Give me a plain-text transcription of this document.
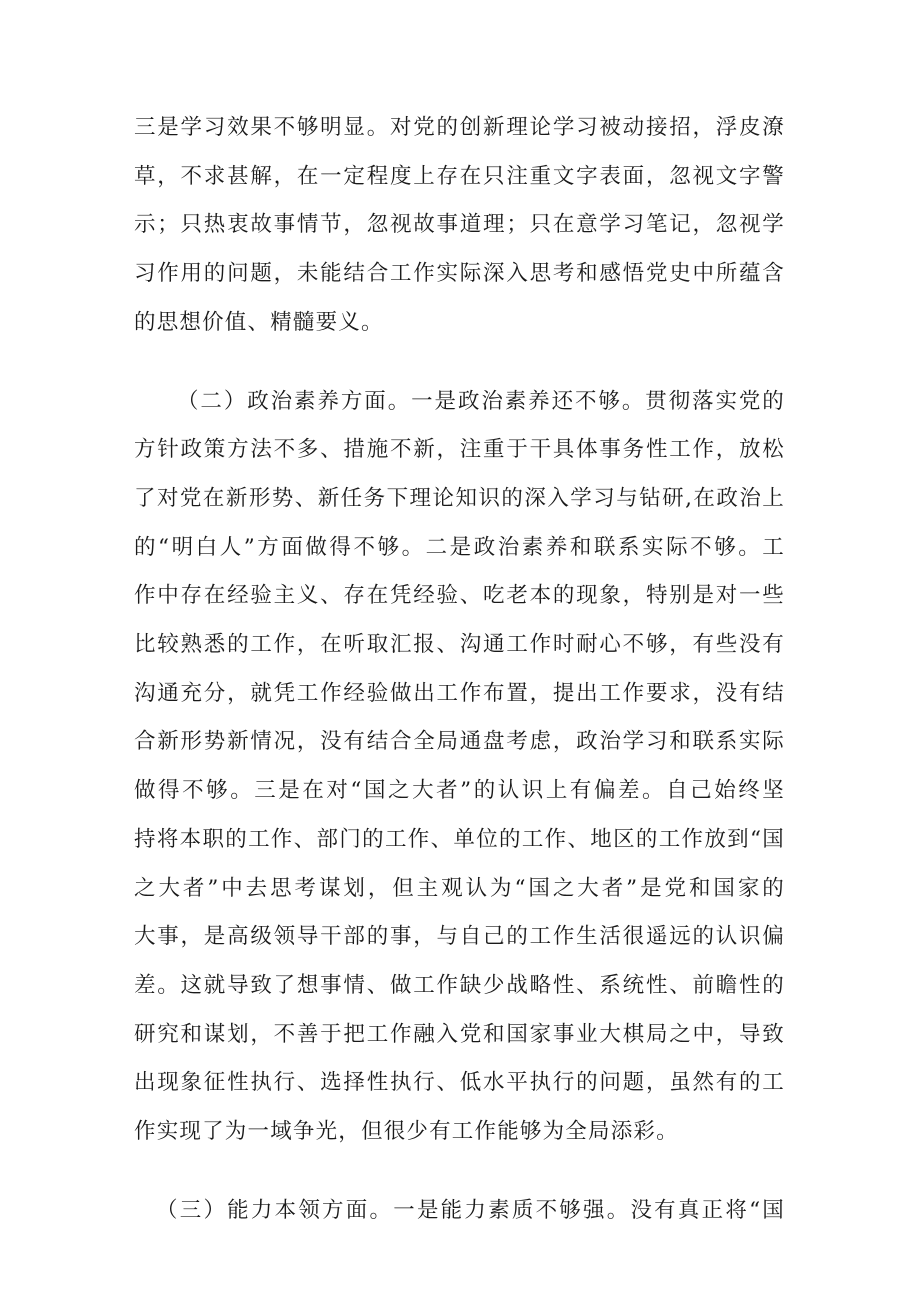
三是学习效果不够明显。对党的创新理论学习被动接招，浮皮潦
草，不求甚解，在一定程度上存在只注重文字表面，忽视文字警
示；只热衷故事情节，忽视故事道理；只在意学习笔记，忽视学
习作用的问题，未能结合工作实际深入思考和感悟党史中所蕴含
的思想价值、精髓要义。

（二）政治素养方面。一是政治素养还不够。贯彻落实党的
方针政策方法不多、措施不新，注重于干具体事务性工作，放松
了对党在新形势、新任务下理论知识的深入学习与钻研,在政治上
的“明白人”方面做得不够。二是政治素养和联系实际不够。工
作中存在经验主义、存在凭经验、吃老本的现象，特别是对一些
比较熟悉的工作，在听取汇报、沟通工作时耐心不够，有些没有
沟通充分，就凭工作经验做出工作布置，提出工作要求，没有结
合新形势新情况，没有结合全局通盘考虑，政治学习和联系实际
做得不够。三是在对“国之大者”的认识上有偏差。自己始终坚
持将本职的工作、部门的工作、单位的工作、地区的工作放到“国
之大者”中去思考谋划，但主观认为“国之大者”是党和国家的
大事，是高级领导干部的事，与自己的工作生活很遥远的认识偏
差。这就导致了想事情、做工作缺少战略性、系统性、前瞻性的
研究和谋划，不善于把工作融入党和国家事业大棋局之中，导致
出现象征性执行、选择性执行、低水平执行的问题，虽然有的工
作实现了为一域争光，但很少有工作能够为全局添彩。

（三）能力本领方面。一是能力素质不够强。没有真正将“国
